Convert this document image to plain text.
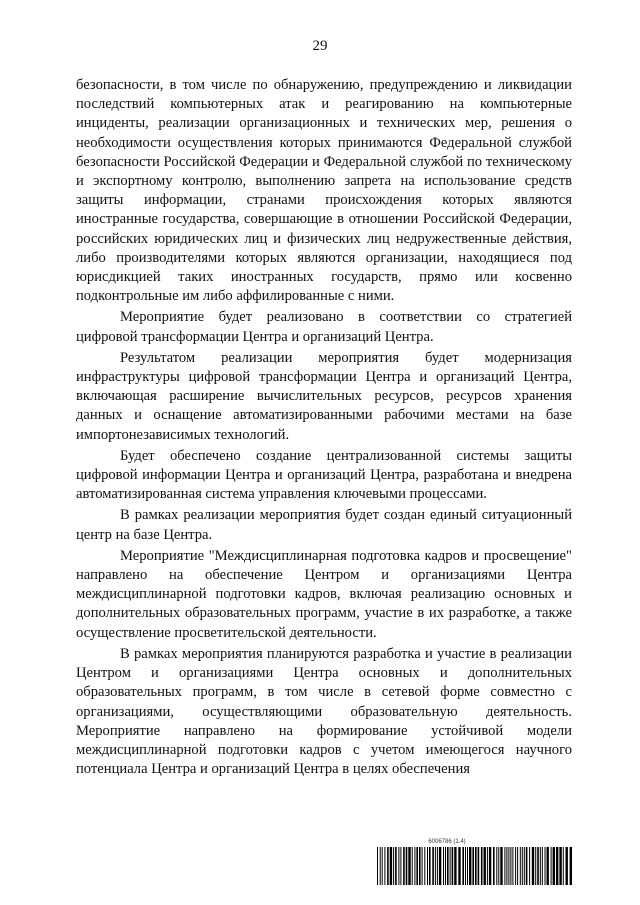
29

безопасности, в том числе по обнаружению, предупреждению и ликвидации последствий компьютерных атак и реагированию на компьютерные инциденты, реализации организационных и технических мер, решения о необходимости осуществления которых принимаются Федеральной службой безопасности Российской Федерации и Федеральной службой по техническому и экспортному контролю, выполнению запрета на использование средств защиты информации, странами происхождения которых являются иностранные государства, совершающие в отношении Российской Федерации, российских юридических лиц и физических лиц недружественные действия, либо производителями которых являются организации, находящиеся под юрисдикцией таких иностранных государств, прямо или косвенно подконтрольные им либо аффилированные с ними.

Мероприятие будет реализовано в соответствии со стратегией цифровой трансформации Центра и организаций Центра.

Результатом реализации мероприятия будет модернизация инфраструктуры цифровой трансформации Центра и организаций Центра, включающая расширение вычислительных ресурсов, ресурсов хранения данных и оснащение автоматизированными рабочими местами на базе импортонезависимых технологий.

Будет обеспечено создание централизованной системы защиты цифровой информации Центра и организаций Центра, разработана и внедрена автоматизированная система управления ключевыми процессами.

В рамках реализации мероприятия будет создан единый ситуационный центр на базе Центра.

Мероприятие "Междисциплинарная подготовка кадров и просвещение" направлено на обеспечение Центром и организациями Центра междисциплинарной подготовки кадров, включая реализацию основных и дополнительных образовательных программ, участие в их разработке, а также осуществление просветительской деятельности.

В рамках мероприятия планируются разработка и участие в реализации Центром и организациями Центра основных и дополнительных образовательных программ, в том числе в сетевой форме совместно с организациями, осуществляющими образовательную деятельность. Мероприятие направлено на формирование устойчивой модели междисциплинарной подготовки кадров с учетом имеющегося научного потенциала Центра и организаций Центра в целях обеспечения

6006786 (1.4)
